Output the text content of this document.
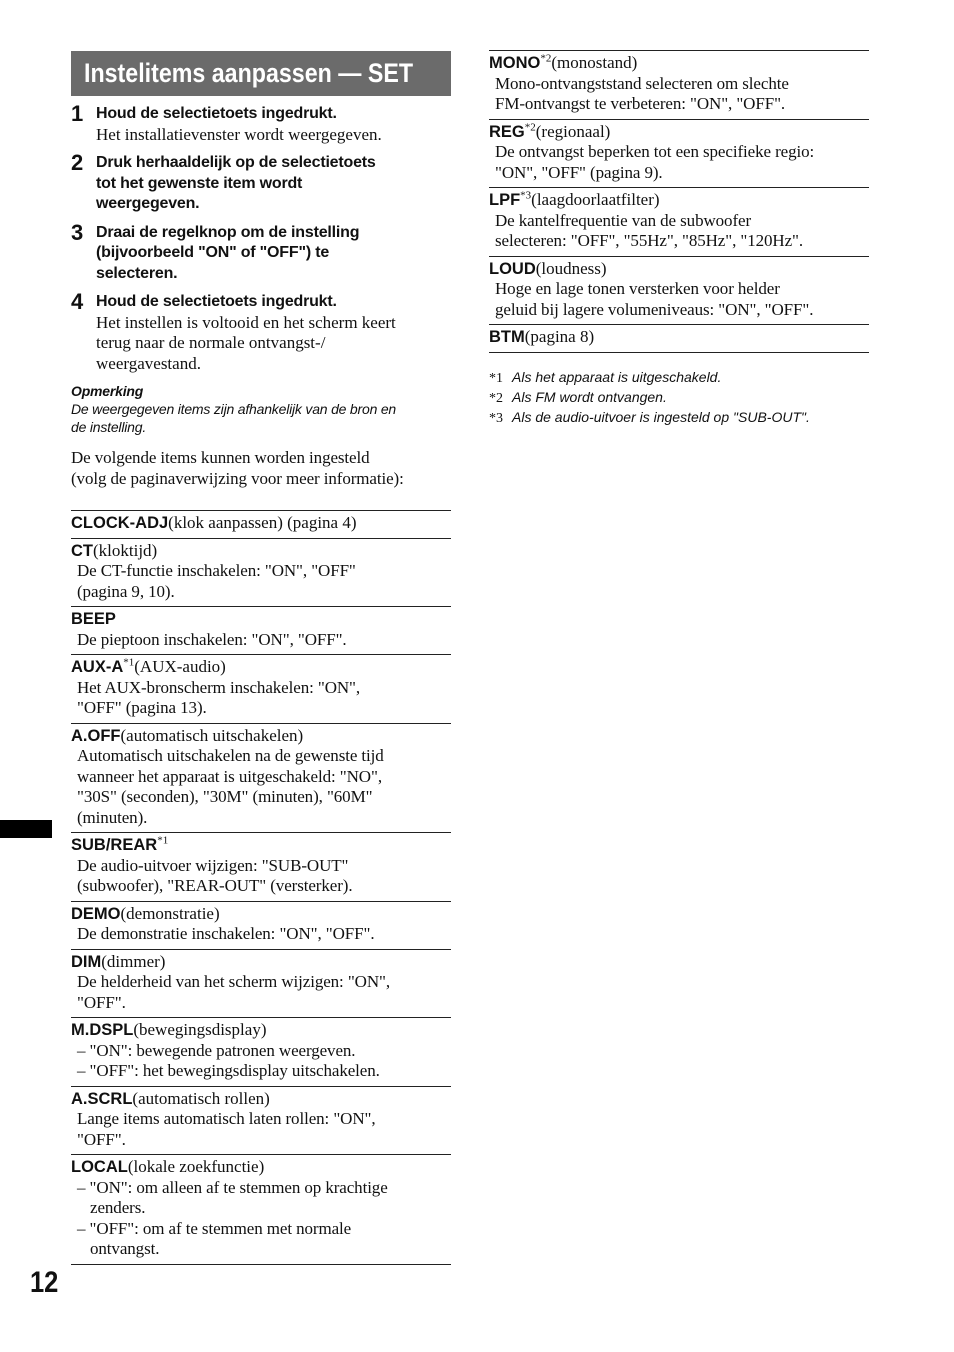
Instelitems aanpassen — SET
1 Houd de selectietoets ingedrukt.
Het installatievenster wordt weergegeven.
2 Druk herhaaldelijk op de selectietoets
tot het gewenste item wordt
weergegeven.
3 Draai de regelknop om de instelling
(bijvoorbeeld "ON" of "OFF") te
selecteren.
4 Houd de selectietoets ingedrukt.
Het instellen is voltooid en het scherm keert
terug naar de normale ontvangst-/
weergavestand.
Opmerking
De weergegeven items zijn afhankelijk van de bron en
de instelling.
De volgende items kunnen worden ingesteld
(volg de paginaverwijzing voor meer informatie):
CLOCK-ADJ(klok aanpassen) (pagina 4)
CT(kloktijd)
De CT-functie inschakelen: "ON", "OFF"
(pagina 9, 10).
BEEP
De pieptoon inschakelen: "ON", "OFF".
AUX-$A^{*1}(AUX-audio)$
Het AUX-bronscherm inschakelen: "ON",
"OFF" (pagina 13).
A.OFF(automatisch uitschakelen)
Automatisch uitschakelen na de gewenste tijd
wanneer het apparaat is uitgeschakeld: "NO",
"30S" (seconden), "30M" (minuten), "60M"
(minuten).
SUB/REAR$^{*1}$
De audio-uitvoer wijzigen: "SUB-OUT"
(subwoofer), "REAR-OUT" (versterker).
DEMO(demonstratie)
De demonstratie inschakelen: "ON", "OFF".
DIM(dimmer)
De helderheid van het scherm wijzigen: "ON",
"OFF".
M.DSPL(bewegingsdisplay)
– "ON": bewegende patronen weergeven.
– "OFF": het bewegingsdisplay uitschakelen.
A.SCRL(automatisch rollen)
Lange items automatisch laten rollen: "ON",
"OFF".
LOCAL(lokale zoekfunctie)
– "ON": om alleen af te stemmen op krachtige
zenders.
– "OFF": om af te stemmen met normale
ontvangst.
MONO$^{*2}$(monostand)
Mono-ontvangststand selecteren om slechte
FM-ontvangst te verbeteren: "ON", "OFF".
REG$^{*2}$(regionaal)
De ontvangst beperken tot een specifieke regio:
"ON", "OFF" (pagina 9).
LPF$^{*3}$(laagdoorlaatfilter)
De kantelfrequentie van de subwoofer
selecteren: "OFF", "55Hz", "85Hz", "120Hz".
LOUD(loudness)
Hoge en lage tonen versterken voor helder
geluid bij lagere volumeniveaus: "ON", "OFF".
BTM(pagina 8)
*1 Als het apparaat is uitgeschakeld.
*2 Als FM wordt ontvangen.
*3 Als de audio-uitvoer is ingesteld op "SUB-OUT".
12
